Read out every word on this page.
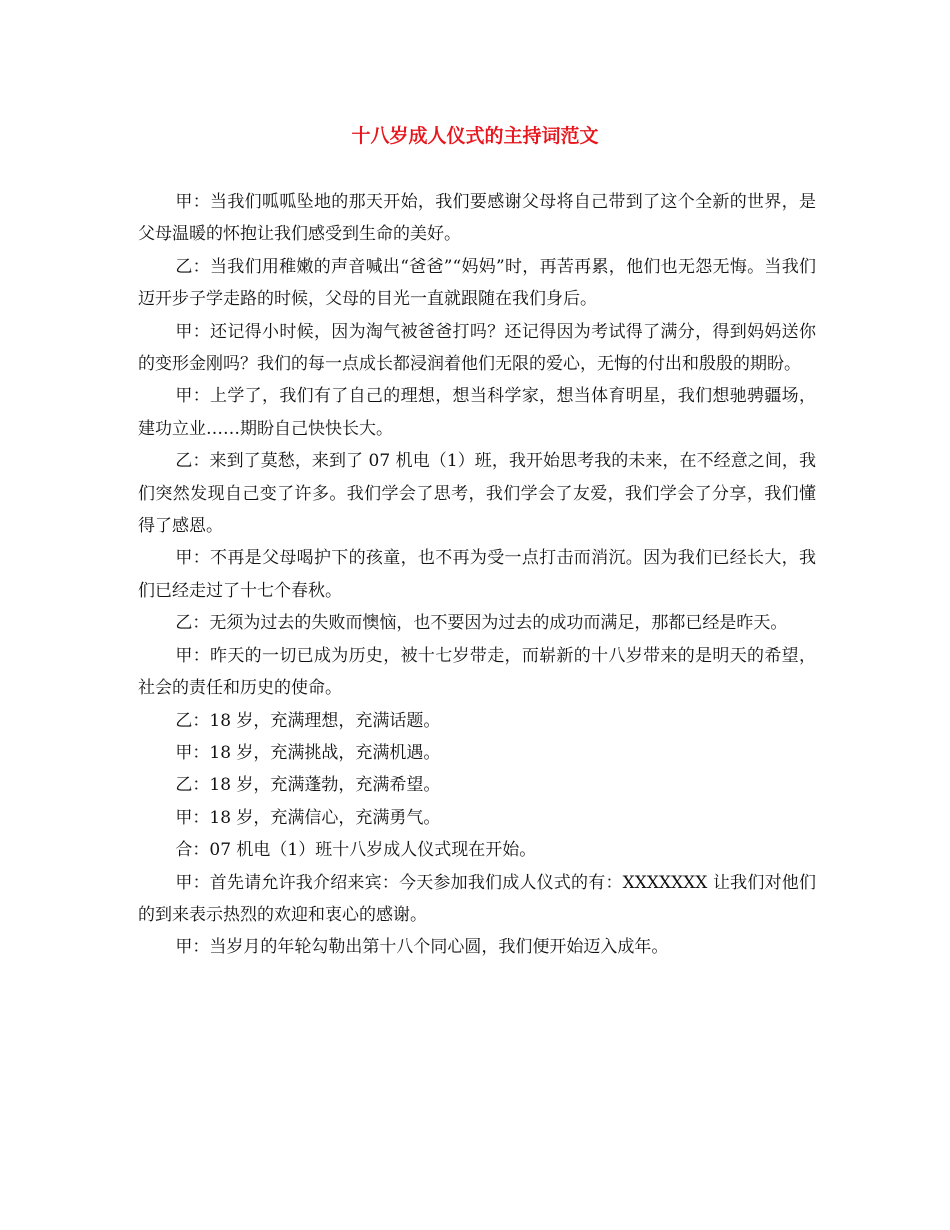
十八岁成人仪式的主持词范文

甲：当我们呱呱坠地的那天开始，我们要感谢父母将自己带到了这个全新的世界，是父母温暖的怀抱让我们感受到生命的美好。

乙：当我们用稚嫩的声音喊出“爸爸”“妈妈”时，再苦再累，他们也无怨无悔。当我们迈开步子学走路的时候，父母的目光一直就跟随在我们身后。

甲：还记得小时候，因为淘气被爸爸打吗？还记得因为考试得了满分，得到妈妈送你的变形金刚吗？我们的每一点成长都浸润着他们无限的爱心，无悔的付出和殷殷的期盼。

甲：上学了，我们有了自己的理想，想当科学家，想当体育明星，我们想驰骋疆场，建功立业……期盼自己快快长大。

乙：来到了莫愁，来到了 07 机电（1）班，我开始思考我的未来，在不经意之间，我们突然发现自己变了许多。我们学会了思考，我们学会了友爱，我们学会了分享，我们懂得了感恩。

甲：不再是父母喝护下的孩童，也不再为受一点打击而消沉。因为我们已经长大，我们已经走过了十七个春秋。

乙：无须为过去的失败而懊恼，也不要因为过去的成功而满足，那都已经是昨天。

甲：昨天的一切已成为历史，被十七岁带走，而崭新的十八岁带来的是明天的希望，社会的责任和历史的使命。

乙：18 岁，充满理想，充满话题。

甲：18 岁，充满挑战，充满机遇。

乙：18 岁，充满蓬勃，充满希望。

甲：18 岁，充满信心，充满勇气。

合：07 机电（1）班十八岁成人仪式现在开始。

甲：首先请允许我介绍来宾：今天参加我们成人仪式的有：XXXXXXX 让我们对他们的到来表示热烈的欢迎和衷心的感谢。

甲：当岁月的年轮勾勒出第十八个同心圆，我们便开始迈入成年。
